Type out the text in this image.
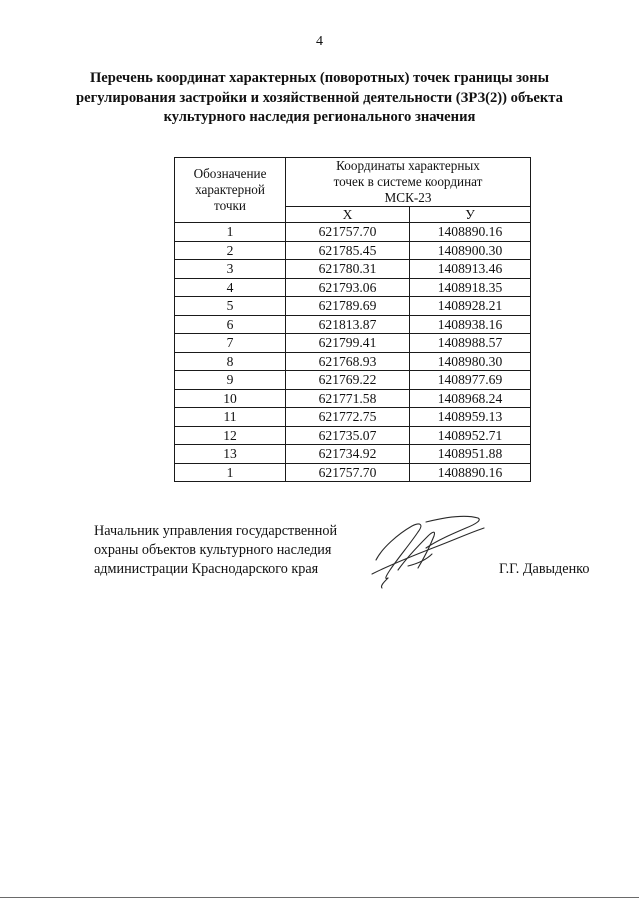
4
Перечень координат характерных (поворотных) точек границы зоны
регулирования застройки и хозяйственной деятельности (ЗРЗ(2)) объекта
культурного наследия регионального значения
Обозначение
характерной
точки	Координаты характерных
точек в системе координат
МСК-23	

	X	У
1	621757.70	1408890.16
2	621785.45	1408900.30
3	621780.31	1408913.46
4	621793.06	1408918.35
5	621789.69	1408928.21
6	621813.87	1408938.16
7	621799.41	1408988.57
8	621768.93	1408980.30
9	621769.22	1408977.69
10	621771.58	1408968.24
11	621772.75	1408959.13
12	621735.07	1408952.71
13	621734.92	1408951.88
1	621757.70	1408890.16
Начальник управления государственной
охраны объектов культурного наследия
администрации Краснодарского края	Г.Г. Давыденко
